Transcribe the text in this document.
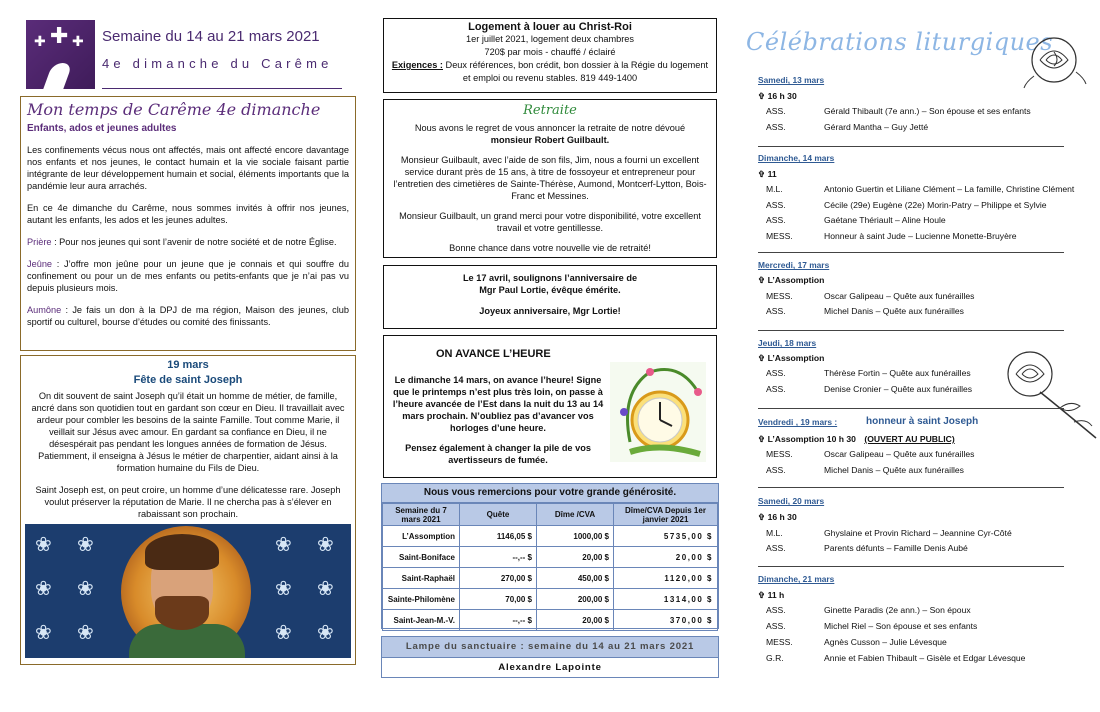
✚
✚ ✚ Semaine du 14 au 21 mars 2021
4e dimanche du Carême
Mon temps de Carême 4e dimanche
Enfants, ados et jeunes adultes

Les confinements vécus nous ont affectés, mais ont affecté encore davantage nos enfants et nos jeunes, le contact humain et la vie sociale faisant partie intégrante de leur développement humain et social, éléments importants que la pandémie leur aura arrachés.

En ce 4e dimanche du Carême, nous sommes invités à offrir nos jeunes, autant les enfants, les ados et les jeunes adultes.

Prière : Pour nos jeunes qui sont l’avenir de notre société et de notre Église.

Jeûne : J’offre mon jeûne pour un jeune que je connais et qui souffre du confinement ou pour un de mes enfants ou petits-enfants que je n’ai pas vu depuis plusieurs mois.

Aumône : Je fais un don à la DPJ de ma région, Maison des jeunes, club sportif ou culturel, bourse d’études ou comité des finissants.

19 mars
Fête de saint Joseph

On dit souvent de saint Joseph qu’il était un homme de métier, de famille, ancré dans son quotidien tout en gardant son cœur en Dieu. Il travaillait avec ardeur pour combler les besoins de la sainte Famille. Tout comme Marie, il veillait sur Jésus avec amour. En gardant sa confiance en Dieu, il ne désespérait pas pendant les longues années de formation de Jésus. Patiemment, il enseigna à Jésus le métier de charpentier, aidant ainsi à la formation humaine du Fils de Dieu.

Saint Joseph est, on peut croire, un homme d’une délicatesse rare. Joseph voulut préserver la réputation de Marie. Il ne chercha pas à s’élever en rabaissant son prochain.

❀ ❀
❀ ❀
❀ ❀
❀ ❀
❀ ❀
❀ ❀
Logement à louer au Christ-Roi
1er juillet 2021, logement deux chambres
720$ par mois - chauffé / éclairé
Exigences : Deux références, bon crédit, bon dossier à la Régie du logement et emploi ou revenu stables. 819 449-1400
Retraite

Nous avons le regret de vous annoncer la retraite de notre dévoué
monsieur Robert Guilbault.

Monsieur Guilbault, avec l’aide de son fils, Jim, nous a fourni un excellent service durant près de 15 ans, à titre de fossoyeur et entrepreneur pour l’entretien des cimetières de Sainte-Thérèse, Aumond, Montcerf-Lytton, Bois-Franc et Messines.

Monsieur Guilbault, un grand merci pour votre disponibilité, votre excellent travail et votre gentillesse.

Bonne chance dans votre nouvelle vie de retraité!

Le 17 avril, soulignons l’anniversaire de
Mgr Paul Lortie, évêque émérite.
Joyeux anniversaire, Mgr Lortie!
ON AVANCE L’HEURE
Le dimanche 14 mars, on avance l’heure! Signe que le printemps n’est plus très loin, on passe à l’heure avancée de l’Est dans la nuit du 13 au 14 mars prochain. N’oubliez pas d’avancer vos horloges d’une heure.
Pensez également à changer la pile de vos avertisseurs de fumée.
Nous vous remercions pour votre grande générosité.
Semaine du 7 mars 2021	Quête	Dîme /CVA	Dîme/CVA Depuis 1er janvier 2021
L’Assomption	1146,05 $	1000,00 $	5735,00 $
Saint-Boniface	--,-- $	20,00 $	20,00 $
Saint-Raphaël	270,00 $	450,00 $	1120,00 $
Sainte-Philomène	70,00 $	200,00 $	1314,00 $
Saint-Jean-M.-V.	--,-- $	20,00 $	370,00 $
Lampe du sanctuaire : semaine du 14 au 21 mars 2021
Alexandre Lapointe
Célébrations liturgiques
Samedi, 13 mars
✞ 16 h 30
ASS.	Gérald Thibault (7e ann.) – Son épouse et ses enfants
ASS.	Gérard Mantha – Guy Jetté
Dimanche, 14 mars
✞ 11
M.L.	Antonio Guertin et Liliane Clément – La famille, Christine Clément
ASS.	Cécile (29e) Eugène (22e) Morin-Patry – Philippe et Sylvie
ASS.	Gaétane Thériault – Aline Houle
MESS.	Honneur à saint Jude – Lucienne Monette-Bruyère
Mercredi, 17 mars
✞ L’Assomption
MESS.	Oscar Galipeau – Quête aux funérailles
ASS.	Michel Danis – Quête aux funérailles
Jeudi, 18 mars
✞ L’Assomption
ASS.	Thérèse Fortin – Quête aux funérailles
ASS.	Denise Cronier – Quête aux funérailles
Vendredi , 19 mars :	honneur à saint Joseph
✞ L’Assomption 10 h 30 (OUVERT AU PUBLIC)
MESS.	Oscar Galipeau – Quête aux funérailles
ASS.	Michel Danis – Quête aux funérailles
Samedi, 20 mars
✞ 16 h 30
M.L.	Ghyslaine et Provin Richard – Jeannine Cyr-Côté
ASS.	Parents défunts – Famille Denis Aubé
Dimanche, 21 mars
✞ 11 h
ASS.	Ginette Paradis (2e ann.) – Son époux
ASS.	Michel Riel – Son épouse et ses enfants
MESS.	Agnès Cusson – Julie Lévesque
G.R.	Annie et Fabien Thibault – Gisèle et Edgar Lévesque
